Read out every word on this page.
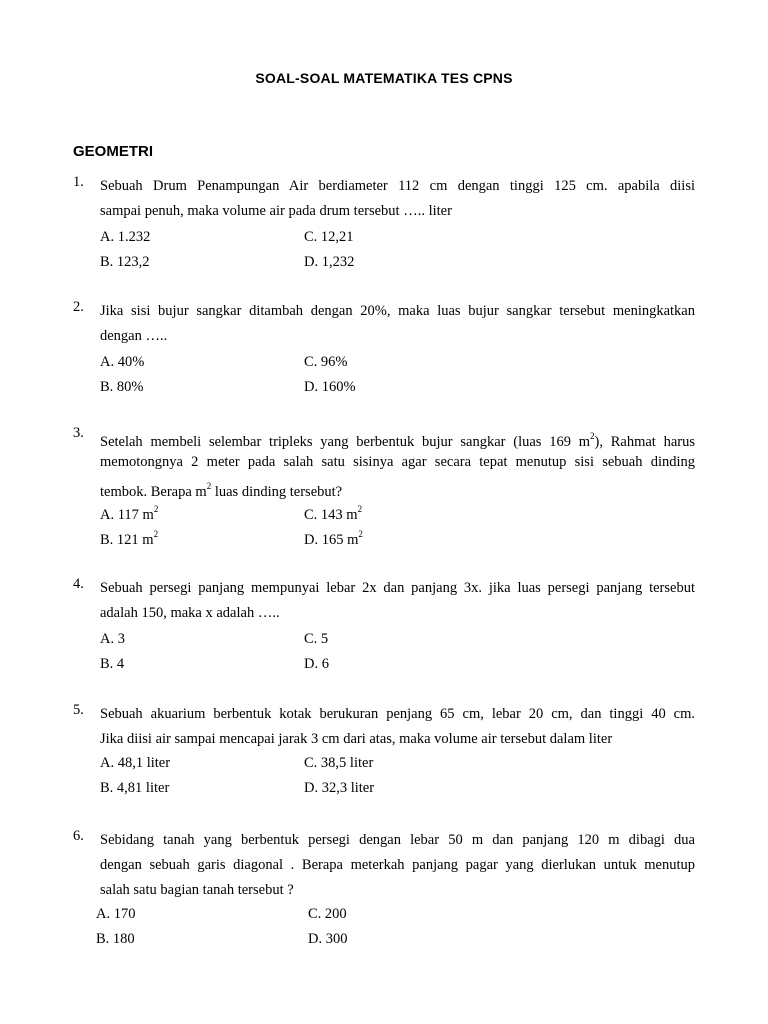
SOAL-SOAL MATEMATIKA TES CPNS
GEOMETRI
1. Sebuah Drum Penampungan Air berdiameter 112 cm dengan tinggi 125 cm. apabila diisi
sampai penuh, maka volume air pada drum tersebut ….. liter
A. 1.232	C. 12,21
B. 123,2	D. 1,232
2. Jika sisi bujur sangkar ditambah dengan 20%, maka luas bujur sangkar tersebut meningkatkan
dengan …..
A. 40%	C. 96%
B. 80%	D. 160%
3.
Setelah membeli selembar tripleks yang berbentuk bujur sangkar (luas 169 $m^2$), Rahmat harus
memotongnya 2 meter pada salah satu sisinya agar secara tepat menutup sisi sebuah dinding
tembok. Berapa $m^2$ luas dinding tersebut?
A. 117 $m^2$	C. 143 $m^2$
B. 121 $m^2$	D. 165 $m^2$
4. Sebuah persegi panjang mempunyai lebar 2x dan panjang 3x. jika luas persegi panjang tersebut
adalah 150, maka x adalah …..
A. 3	C. 5
B. 4	D. 6
5. Sebuah akuarium berbentuk kotak berukuran penjang 65 cm, lebar 20 cm, dan tinggi 40 cm.
Jika diisi air sampai mencapai jarak 3 cm dari atas, maka volume air tersebut dalam liter
A. 48,1 liter	C. 38,5 liter
B. 4,81 liter	D. 32,3 liter
6. Sebidang tanah yang berbentuk persegi dengan lebar 50 m dan panjang 120 m dibagi dua
dengan sebuah garis diagonal . Berapa meterkah panjang pagar yang dierlukan untuk menutup
salah satu bagian tanah tersebut ?
A. 170	C. 200
B. 180	D. 300
